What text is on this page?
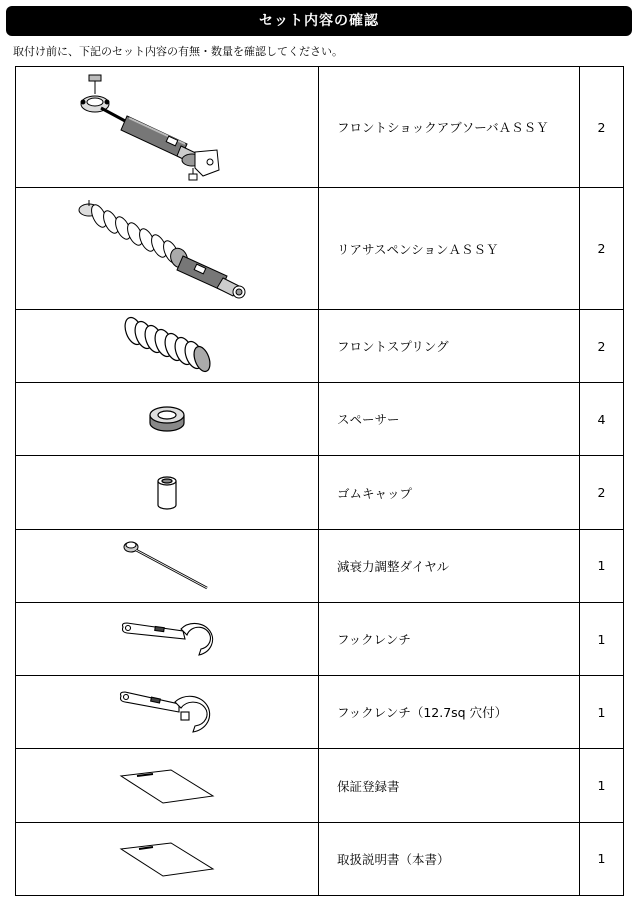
セット内容の確認
取付け前に、下記のセット内容の有無・数量を確認してください。
	フロントショックアブソーバＡＳＳＹ	2

	リアサスペンションＡＳＳＹ	2

	フロントスプリング	2

	スペーサー	4

	ゴムキャップ	2

	減衰力調整ダイヤル	1

	フックレンチ	1

	フックレンチ（12.7sq 穴付）	1

	保証登録書	1

	取扱説明書（本書）	1
